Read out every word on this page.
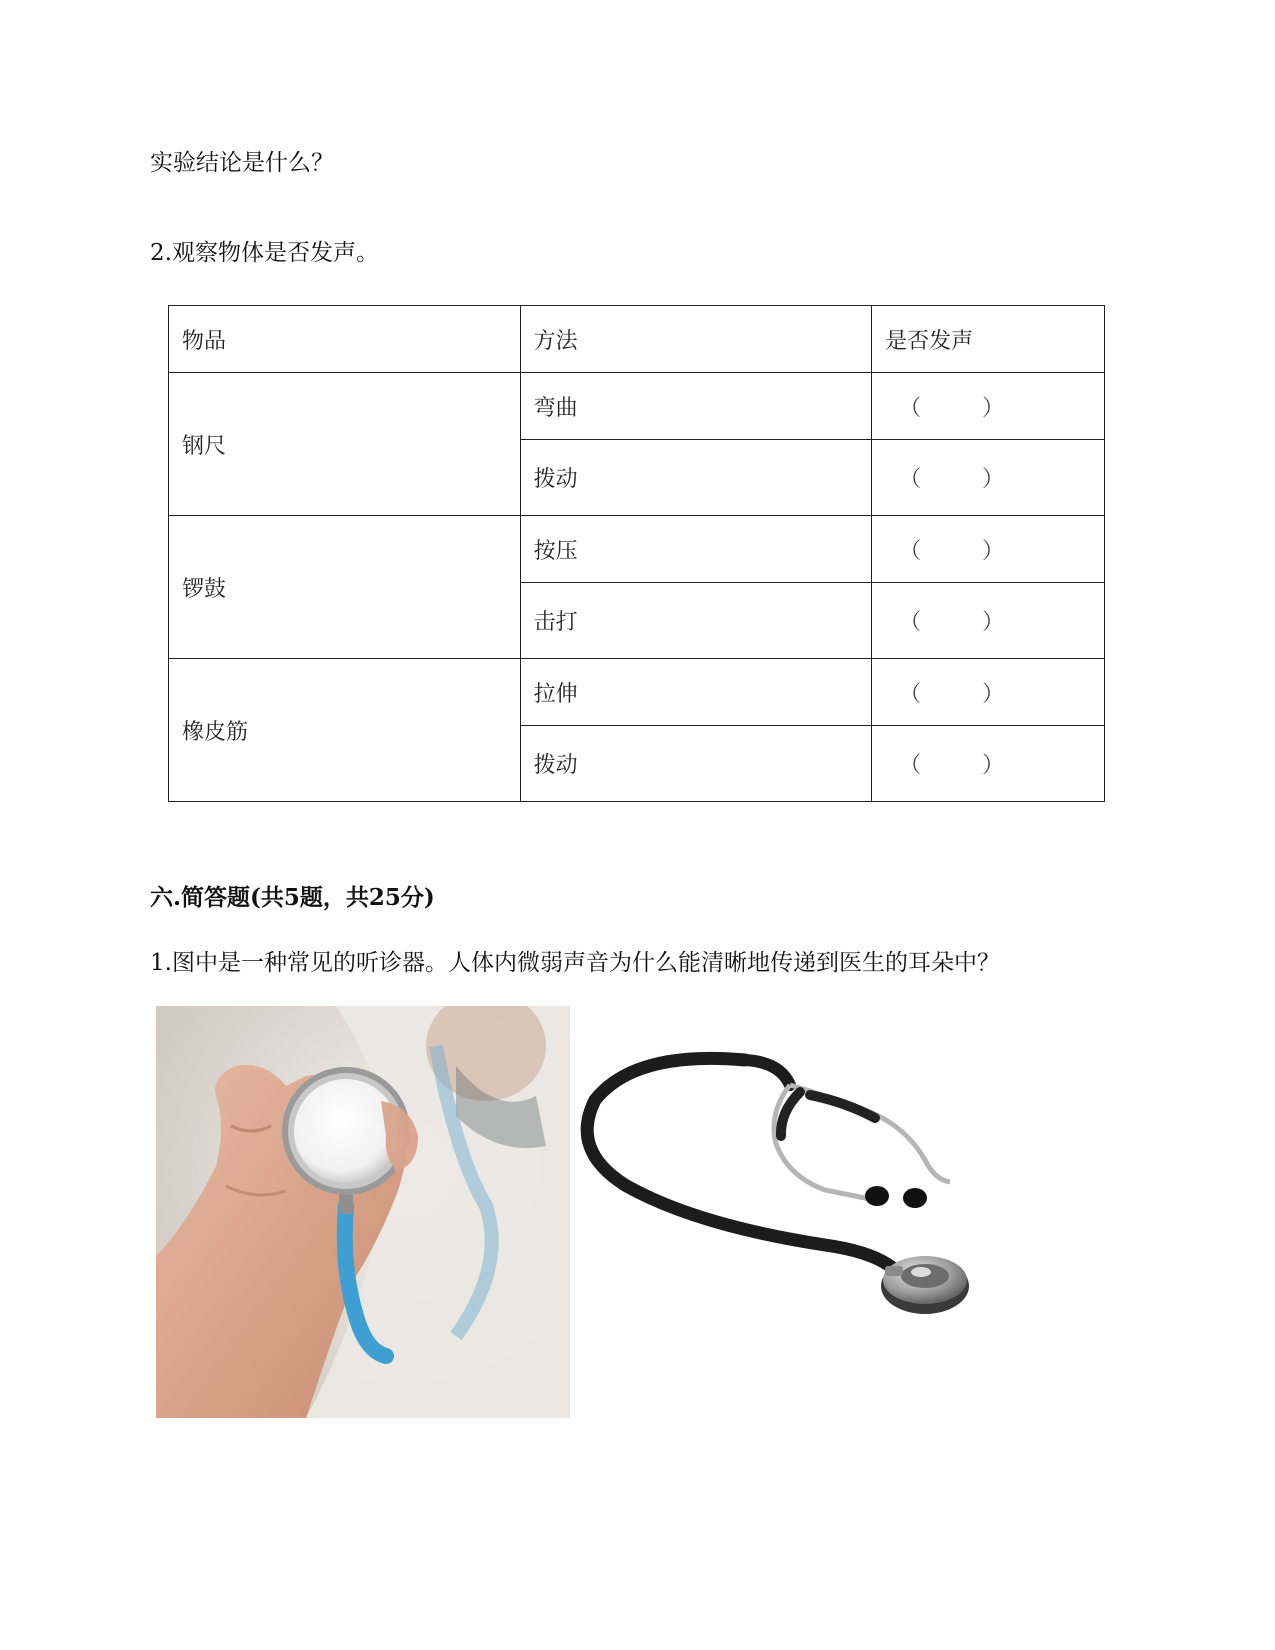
实验结论是什么？
2.观察物体是否发声。
物品	方法	是否发声
钢尺	弯曲	（ ）

	拨动	（ ）

锣鼓	按压	（ ）

	击打	（ ）

橡皮筋	拉伸	（ ）

	拨动	（ ）
六.简答题(共5题，共25分)
1.图中是一种常见的听诊器。人体内微弱声音为什么能清晰地传递到医生的耳朵中？
